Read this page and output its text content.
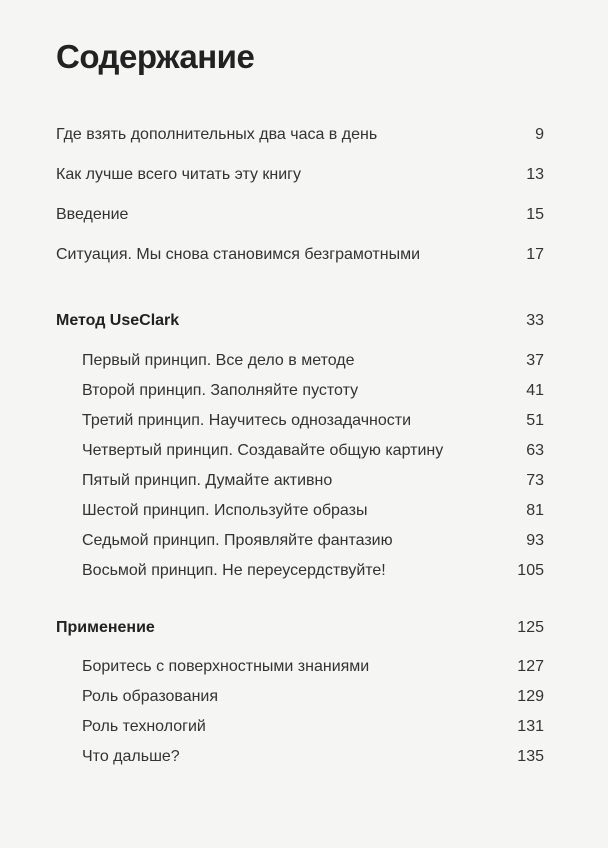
Содержание
Где взять дополнительных два часа в день	9
Как лучше всего читать эту книгу	13
Введение	15
Ситуация. Мы снова становимся безграмотными	17
Метод UseClark	33
Первый принцип. Все дело в методе	37
Второй принцип. Заполняйте пустоту	41
Третий принцип. Научитесь однозадачности	51
Четвертый принцип. Создавайте общую картину	63
Пятый принцип. Думайте активно	73
Шестой принцип. Используйте образы	81
Седьмой принцип. Проявляйте фантазию	93
Восьмой принцип. Не переусердствуйте!	105
Применение	125
Боритесь с поверхностными знаниями	127
Роль образования	129
Роль технологий	131
Что дальше?	135
